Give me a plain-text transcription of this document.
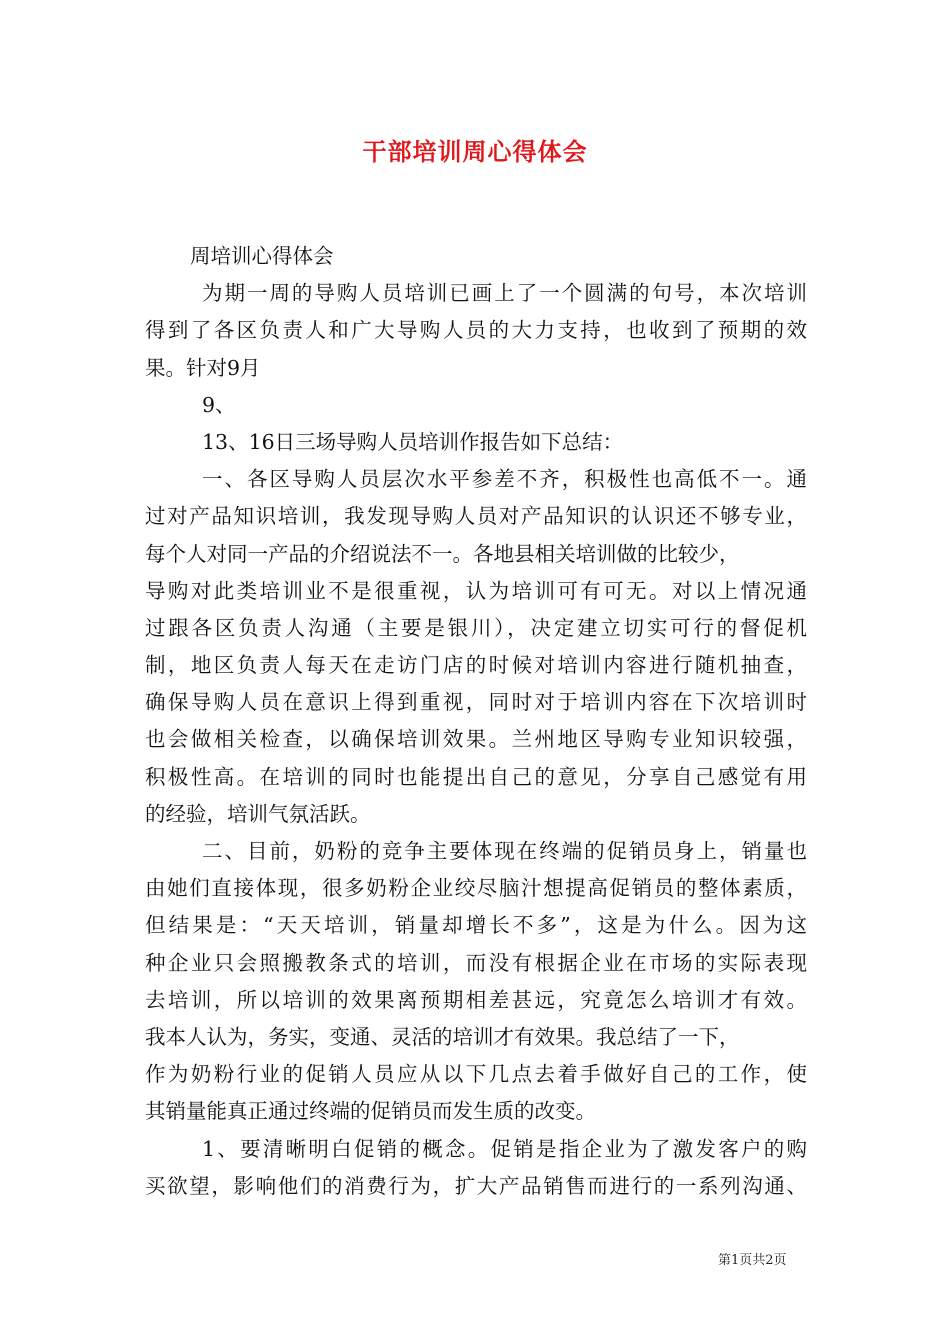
干部培训周心得体会
周培训心得体会
为期一周的导购人员培训已画上了一个圆满的句号，本次培训
得到了各区负责人和广大导购人员的大力支持，也收到了预期的效
果。针对9月
9、
13、16日三场导购人员培训作报告如下总结：
一、各区导购人员层次水平参差不齐，积极性也高低不一。通
过对产品知识培训，我发现导购人员对产品知识的认识还不够专业，
每个人对同一产品的介绍说法不一。各地县相关培训做的比较少，
导购对此类培训业不是很重视，认为培训可有可无。对以上情况通
过跟各区负责人沟通（主要是银川），决定建立切实可行的督促机
制，地区负责人每天在走访门店的时候对培训内容进行随机抽查，
确保导购人员在意识上得到重视，同时对于培训内容在下次培训时
也会做相关检查，以确保培训效果。兰州地区导购专业知识较强，
积极性高。在培训的同时也能提出自己的意见，分享自己感觉有用
的经验，培训气氛活跃。
二、目前，奶粉的竞争主要体现在终端的促销员身上，销量也
由她们直接体现，很多奶粉企业绞尽脑汁想提高促销员的整体素质，
但结果是：“天天培训，销量却增长不多”，这是为什么。因为这
种企业只会照搬教条式的培训，而没有根据企业在市场的实际表现
去培训，所以培训的效果离预期相差甚远，究竟怎么培训才有效。
我本人认为，务实，变通、灵活的培训才有效果。我总结了一下，
作为奶粉行业的促销人员应从以下几点去着手做好自己的工作，使
其销量能真正通过终端的促销员而发生质的改变。
1、要清晰明白促销的概念。促销是指企业为了激发客户的购
买欲望，影响他们的消费行为，扩大产品销售而进行的一系列沟通、
第1页共2页
